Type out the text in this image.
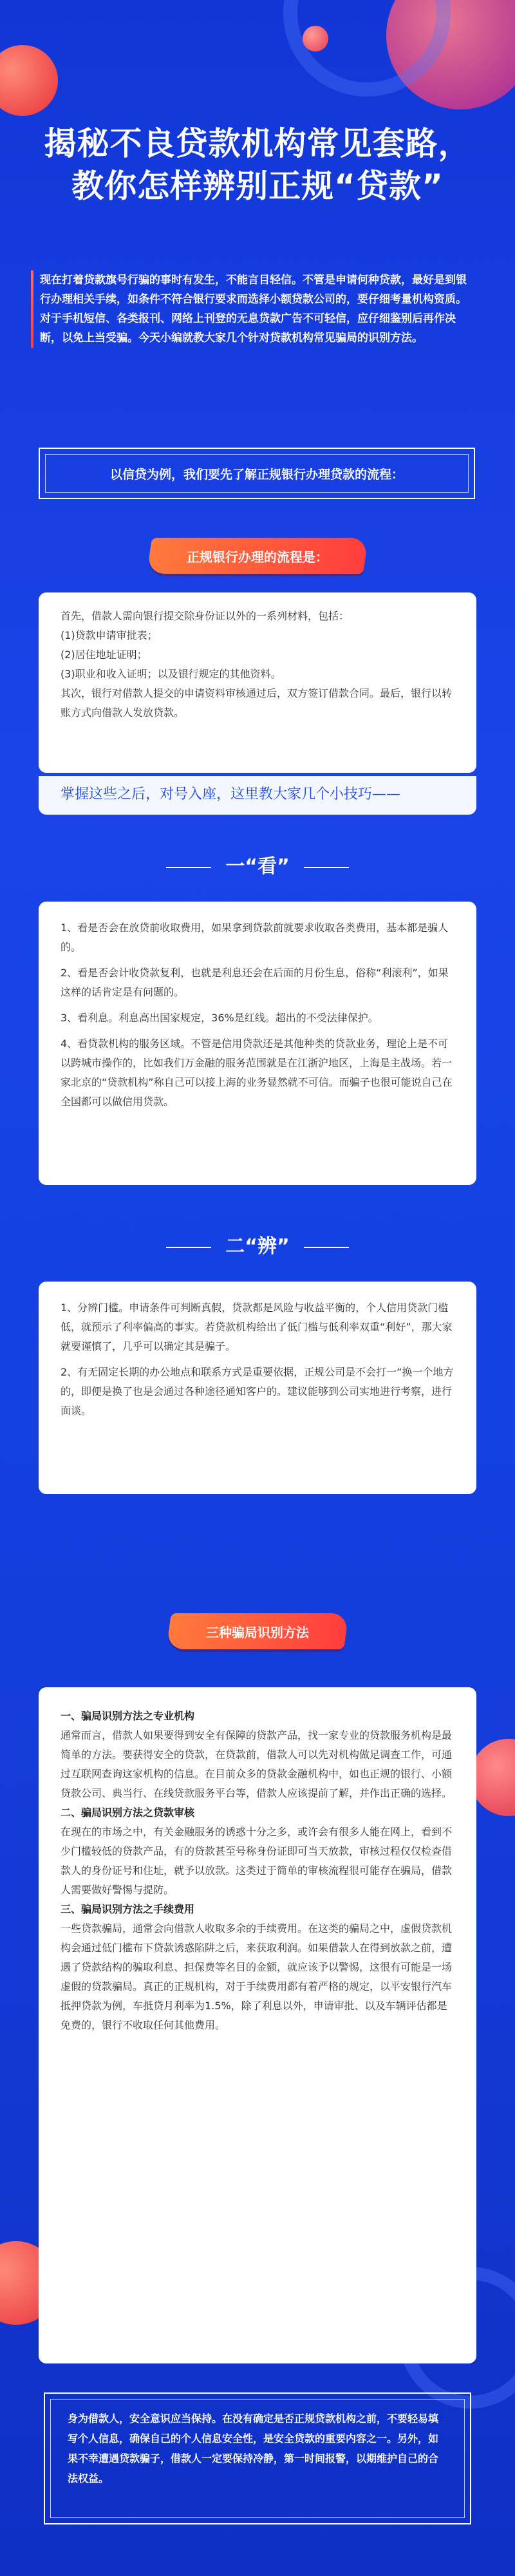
揭秘不良贷款机构常见套路，
教你怎样辨别正规“贷款”
现在打着贷款旗号行骗的事时有发生，不能言目轻信。不管是申请何种贷款，最好是到银行办理相关手续，如条件不符合银行要求而选择小额贷款公司的，要仔细考量机构资质。对于手机短信、各类报刊、网络上刊登的无息贷款广告不可轻信，应仔细鉴别后再作决断，以免上当受骗。今天小编就教大家几个针对贷款机构常见骗局的识别方法。
以信贷为例，我们要先了解正规银行办理贷款的流程：
正规银行办理的流程是：

首先，借款人需向银行提交除身份证以外的一系列材料，包括：

(1)贷款申请审批表；

(2)居住地址证明；

(3)职业和收入证明；以及银行规定的其他资料。

其次，银行对借款人提交的申请资料审核通过后，双方签订借款合同。最后，银行以转账方式向借款人发放贷款。

掌握这些之后，对号入座，这里教大家几个小技巧——

一“看”

1、看是否会在放贷前收取费用，如果拿到贷款前就要求收取各类费用，基本都是骗人的。

2、看是否会计收贷款复利，也就是利息还会在后面的月份生息，俗称“利滚利”，如果这样的话肯定是有问题的。

3、看利息。利息高出国家规定，36%是红线。超出的不受法律保护。

4、看贷款机构的服务区域。不管是信用贷款还是其他种类的贷款业务，理论上是不可以跨城市操作的，比如我们万金融的服务范围就是在江浙沪地区，上海是主战场。若一家北京的“贷款机构”称自己可以接上海的业务显然就不可信。而骗子也很可能说自己在全国都可以做信用贷款。

二“辨”

1、分辨门槛。申请条件可判断真假，贷款都是风险与收益平衡的，个人信用贷款门槛低，就预示了利率偏高的事实。若贷款机构给出了低门槛与低利率双重“利好”，那大家就要谨慎了，几乎可以确定其是骗子。

2、有无固定长期的办公地点和联系方式是重要依据，正规公司是不会打一“换一个地方的，即便是换了也是会通过各种途径通知客户的。建议能够到公司实地进行考察，进行面谈。

三种骗局识别方法

一、骗局识别方法之专业机构

通常而言，借款人如果要得到安全有保障的贷款产品，找一家专业的贷款服务机构是最简单的方法。要获得安全的贷款，在贷款前，借款人可以先对机构做足调查工作，可通过互联网查询这家机构的信息。在目前众多的贷款金融机构中，如也正规的银行、小额贷款公司、典当行、在线贷款服务平台等，借款人应该提前了解，并作出正确的选择。

二、骗局识别方法之贷款审核

在现在的市场之中，有关金融服务的诱惑十分之多，或许会有很多人能在网上，看到不少门槛较低的贷款产品，有的贷款甚至号称身份证即可当天放款，审核过程仅仅检查借款人的身份证号和住址，就予以放款。这类过于简单的审核流程很可能存在骗局，借款人需要做好警惕与提防。

三、骗局识别方法之手续费用

一些贷款骗局，通常会向借款人收取多余的手续费用。在这类的骗局之中，虚假贷款机构会通过低门槛布下贷款诱惑陷阱之后，来获取利润。如果借款人在得到放款之前，遭遇了贷款结构的骗取利息、担保费等名目的金额，就应该予以警惕，这很有可能是一场虚假的贷款骗局。真正的正规机构，对于手续费用都有着严格的规定，以平安银行汽车抵押贷款为例，车抵贷月利率为1.5%，除了利息以外，申请审批、以及车辆评估都是免费的，银行不收取任何其他费用。

身为借款人，安全意识应当保持。在没有确定是否正规贷款机构之前，不要轻易填写个人信息，确保自己的个人信息安全性，是安全贷款的重要内容之一。另外，如果不幸遭遇贷款骗子，借款人一定要保持冷静，第一时间报警，以期维护自己的合法权益。
